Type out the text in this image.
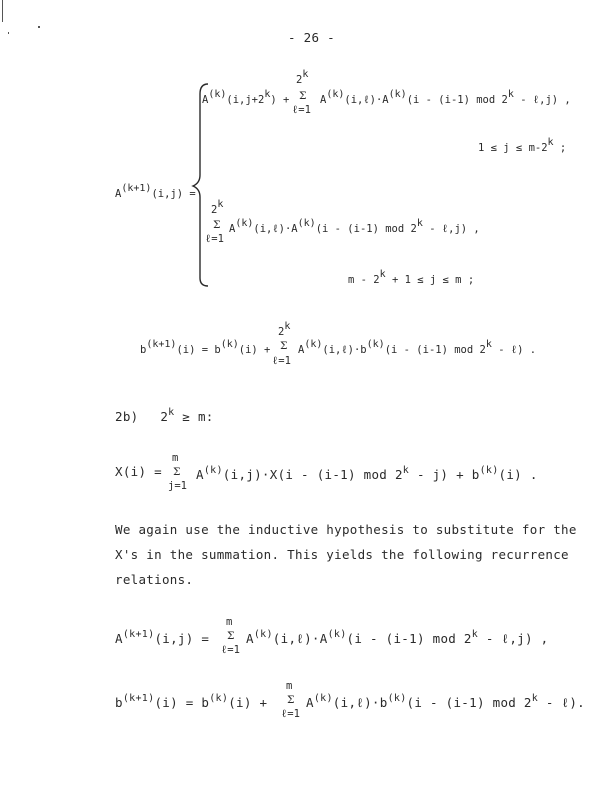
- 26 -
A(k+1)(i,j) =
A(k)(i,j+2k) +
2k
Σ
ℓ=1
A(k)(i,ℓ)·A(k)(i - (i-1) mod 2k - ℓ,j) ,
1 ≤ j ≤ m-2k ;
2k
Σ
ℓ=1
A(k)(i,ℓ)·A(k)(i - (i-1) mod 2k - ℓ,j) ,
m - 2k + 1 ≤ j ≤ m ;
b(k+1)(i) = b(k)(i) +
2k
Σ
ℓ=1
A(k)(i,ℓ)·b(k)(i - (i-1) mod 2k - ℓ) .
2b) $2^k \ge m$:
X(i) =
m
Σ
j=1
$A^{(k)}(i,j)\cdot X(i - (i-1)$ mod $2^k - j) + b^{(k)}(i)$ .
We again use the inductive hypothesis to substitute for the
X's in the summation. This yields the following recurrence
relations.
$A^{(k+1)}(i,j)$ =
m
Σ
ℓ=1
$A^{(k)}(i,\ell)\cdot A^{(k)}(i - (i-1)$ mod 2$^k$ - ℓ,j) ,
$b^{(k+1)}(i) = b^{(k)}(i)$ +
m
Σ
ℓ=1
$A^{(k)}(i,\ell)\cdot b^{(k)}(i - (i-1)$ mod 2$^k$ - ℓ).
